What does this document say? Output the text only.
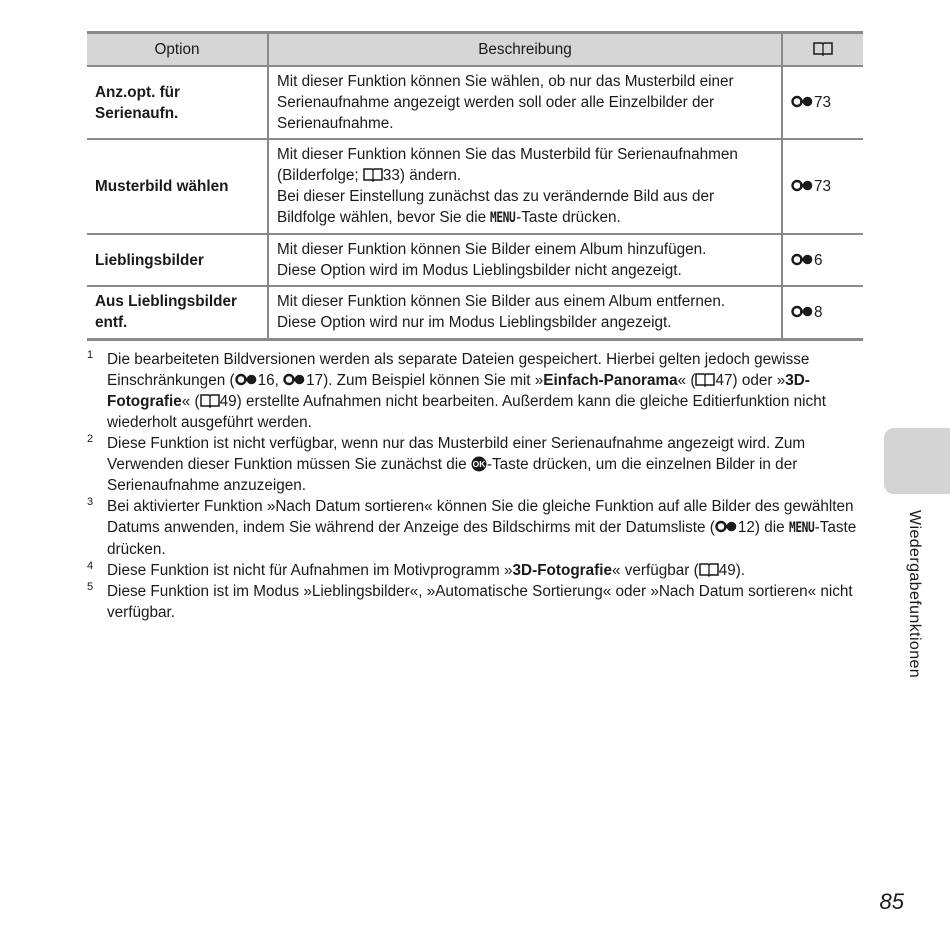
Option	Beschreibung	

Anz.opt. für Serienaufn.	Mit dieser Funktion können Sie wählen, ob nur das Musterbild einer
Serienaufnahme angezeigt werden soll oder alle Einzelbilder der
Serienaufnahme.	73
Musterbild wählen	Mit dieser Funktion können Sie das Musterbild für Serienaufnahmen
(Bilderfolge;
33) ändern.
Bei dieser Einstellung zunächst das zu verändernde Bild aus der
Bildfolge wählen, bevor Sie die MENU-Taste drücken.	73
Lieblingsbilder	Mit dieser Funktion können Sie Bilder einem Album hinzufügen.
Diese Option wird im Modus Lieblingsbilder nicht angezeigt.	6
Aus Lieblingsbilder entf.	Mit dieser Funktion können Sie Bilder aus einem Album entfernen.
Diese Option wird nur im Modus Lieblingsbilder angezeigt.	8
1 Die bearbeiteten Bildversionen werden als separate Dateien gespeichert. Hierbei gelten jedoch gewisse Einschränkungen ( 16,
17). Zum Beispiel können Sie mit »Einfach-Panorama« ( 47) oder »3D-Fotografie« ( 49) erstellte Aufnahmen nicht bearbeiten. Außerdem kann die gleiche Editierfunktion nicht wiederholt ausgeführt werden.
2 Diese Funktion ist nicht verfügbar, wenn nur das Musterbild einer Serienaufnahme angezeigt wird. Zum Verwenden dieser Funktion müssen Sie zunächst die OK -Taste drücken, um die einzelnen Bilder in der Serienaufnahme anzuzeigen.
3 Bei aktivierter Funktion »Nach Datum sortieren« können Sie die gleiche Funktion auf alle Bilder des gewählten Datums anwenden, indem Sie während der Anzeige des Bildschirms mit der Datumsliste ( 12) die MENU-Taste drücken.
4 Diese Funktion ist nicht für Aufnahmen im Motivprogramm »3D-Fotografie« verfügbar ( 49).
5 Diese Funktion ist im Modus »Lieblingsbilder«, »Automatische Sortierung« oder »Nach Datum sortieren« nicht verfügbar.	Wiedergabefunktionen
85
